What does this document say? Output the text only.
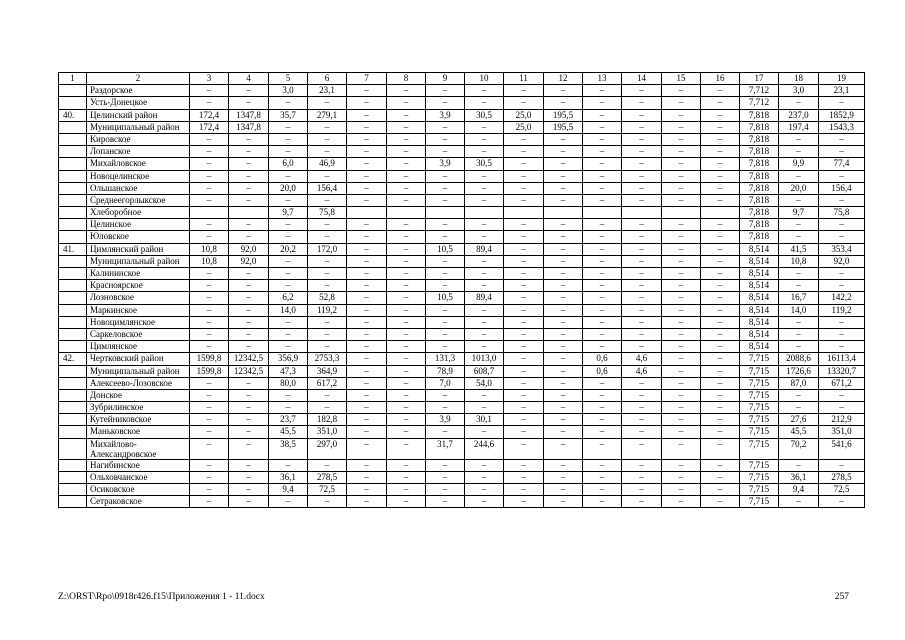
1	2	3	4	5	6	7	8	9	10	11	12	13	14	15	16	17	18	19
	Раздорское	–	–	3,0	23,1	–	–	–	–	–	–	–	–	–	–	7,712	3,0	23,1
	Усть-Донецкое	–	–	–	–	–	–	–	–	–	–	–	–	–	–	7,712	–	–
40.	Целинский район	172,4	1347,8	35,7	279,1	–	–	3,9	30,5	25,0	195,5	–	–	–	–	7,818	237,0	1852,9
	Муниципальный район	172,4	1347,8	–	–	–	–	–	–	25,0	195,5	–	–	–	–	7,818	197,4	1543,3
	Кировское	–	–	–	–	–	–	–	–	–	–	–	–	–	–	7,818	–	–
	Лопанское	–	–	–	–	–	–	–	–	–	–	–	–	–	–	7,818	–	–
	Михайловское	–	–	6,0	46,9	–	–	3,9	30,5	–	–	–	–	–	–	7,818	9,9	77,4
	Новоцелинское	–	–	–	–	–	–	–	–	–	–	–	–	–	–	7,818	–	–
	Ольшанское	–	–	20,0	156,4	–	–	–	–	–	–	–	–	–	–	7,818	20,0	156,4
	Среднеегорлыкское	–	–	–	–	–	–	–	–	–	–	–	–	–	–	7,818	–	–
	Хлеборобное			9,7	75,8											7,818	9,7	75,8
	Целинское	–	–	–	–	–	–	–	–	–	–	–	–	–	–	7,818	–	–
	Юловское	–	–	–	–	–	–	–	–	–	–	–	–	–	–	7,818	–	–
41.	Цимлянский район	10,8	92,0	20,2	172,0	–	–	10,5	89,4	–	–	–	–	–	–	8,514	41,5	353,4
	Муниципальный район	10,8	92,0	–	–	–	–	–	–	–	–	–	–	–	–	8,514	10,8	92,0
	Калининское	–	–	–	–	–	–	–	–	–	–	–	–	–	–	8,514	–	–
	Красноярское	–	–	–	–	–	–	–	–	–	–	–	–	–	–	8,514	–	–
	Лозновское	–	–	6,2	52,8	–	–	10,5	89,4	–	–	–	–	–	–	8,514	16,7	142,2
	Маркинское	–	–	14,0	119,2	–	–	–	–	–	–	–	–	–	–	8,514	14,0	119,2
	Новоцимлянское	–	–	–	–	–	–	–	–	–	–	–	–	–	–	8,514	–	–
	Саркеловское	–	–	–	–	–	–	–	–	–	–	–	–	–	–	8,514	–	–
	Цимлянское	–	–	–	–	–	–	–	–	–	–	–	–	–	–	8,514	–	–
42.	Чертковский район	1599,8	12342,5	356,9	2753,3	–	–	131,3	1013,0	–	–	0,6	4,6	–	–	7,715	2088,6	16113,4
	Муниципальный район	1599,8	12342,5	47,3	364,9	–	–	78,9	608,7	–	–	0,6	4,6	–	–	7,715	1726,6	13320,7
	Алексеево-Лозовское	–	–	80,0	617,2	–	–	7,0	54,0	–	–	–	–	–	–	7,715	87,0	671,2
	Донское	–	–	–	–	–	–	–	–	–	–	–	–	–	–	7,715	–	–
	Зубрилинское	–	–	–	–	–	–	–	–	–	–	–	–	–	–	7,715	–	–
	Кутейниковское	–	–	23,7	182,8	–	–	3,9	30,1	–	–	–	–	–	–	7,715	27,6	212,9
	Маньковское	–	–	45,5	351,0	–	–	–	–	–	–	–	–	–	–	7,715	45,5	351,0
	Михайлово-Александровское	–	–	38,5	297,0	–	–	31,7	244,6	–	–	–	–	–	–	7,715	70,2	541,6
	Нагибинское	–	–	–	–	–	–	–	–	–	–	–	–	–	–	7,715	–	–
	Ольховчанское	–	–	36,1	278,5	–	–	–	–	–	–	–	–	–	–	7,715	36,1	278,5
	Осиковское	–	–	9,4	72,5	–	–	–	–	–	–	–	–	–	–	7,715	9,4	72,5
	Сетраковское	–	–	–	–	–	–	–	–	–	–	–	–	–	–	7,715	–	–
Z:\ORST\Rpo\0918r426.f15\Приложения 1 - 11.docx	257
